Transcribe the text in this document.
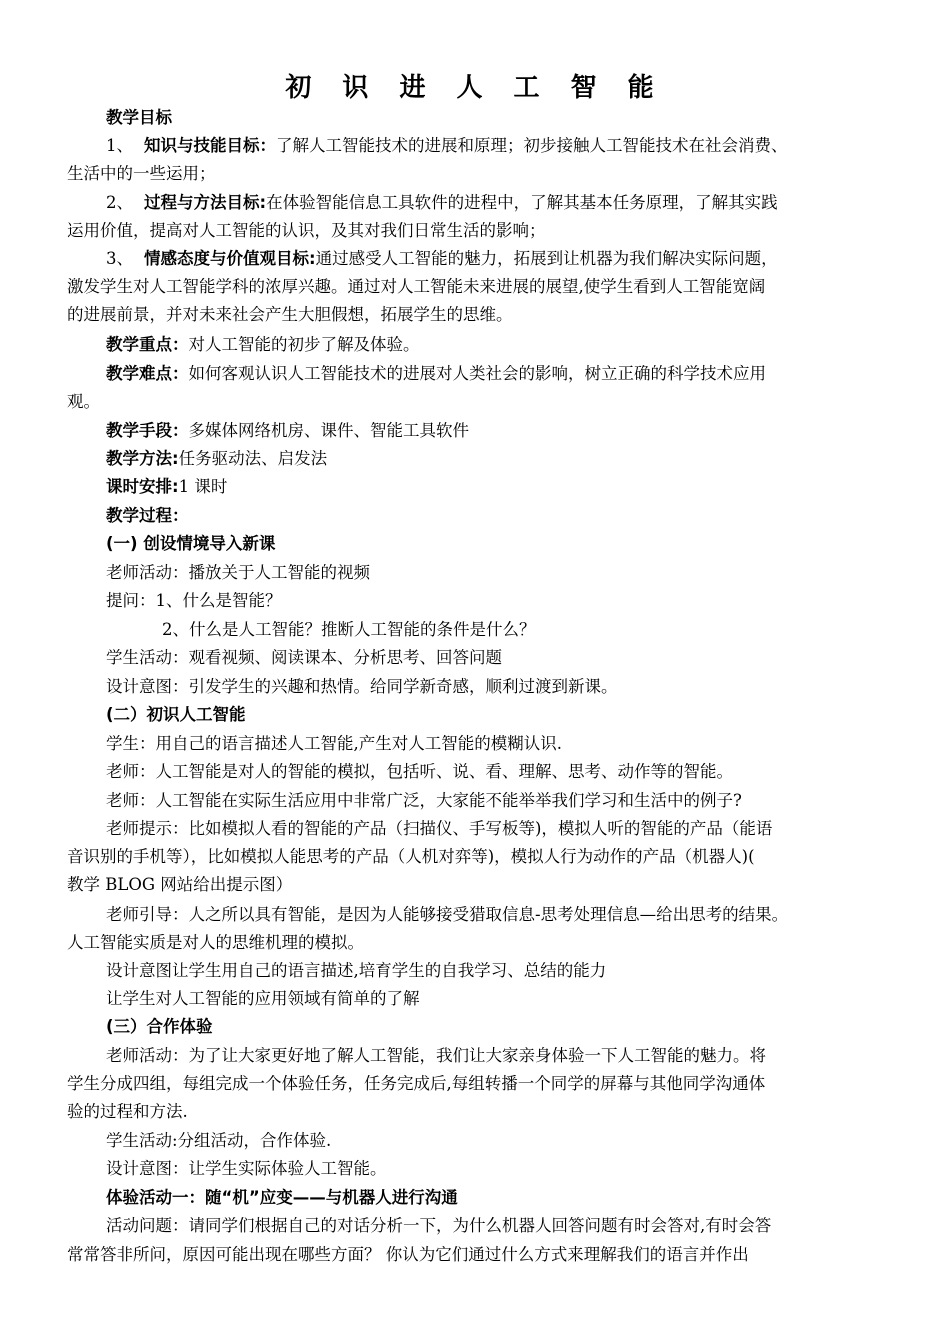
初 识 进 人 工 智 能
教学目标
1、 知识与技能目标：了解人工智能技术的进展和原理；初步接触人工智能技术在社会消费、
生活中的一些运用；
2、 过程与方法目标:在体验智能信息工具软件的进程中，了解其基本任务原理，了解其实践
运用价值，提高对人工智能的认识，及其对我们日常生活的影响；
3、 情感态度与价值观目标:通过感受人工智能的魅力，拓展到让机器为我们解决实际问题，
激发学生对人工智能学科的浓厚兴趣。通过对人工智能未来进展的展望,使学生看到人工智能宽阔
的进展前景，并对未来社会产生大胆假想，拓展学生的思维。
教学重点：对人工智能的初步了解及体验。
教学难点：如何客观认识人工智能技术的进展对人类社会的影响，树立正确的科学技术应用
观。
教学手段：多媒体网络机房、课件、智能工具软件
教学方法:任务驱动法、启发法
课时安排:1 课时
教学过程：
(一) 创设情境导入新课
老师活动：播放关于人工智能的视频
提问：1、什么是智能？
2、什么是人工智能？推断人工智能的条件是什么？
学生活动：观看视频、阅读课本、分析思考、回答问题
设计意图：引发学生的兴趣和热情。给同学新奇感，顺利过渡到新课。
(二）初识人工智能
学生：用自己的语言描述人工智能,产生对人工智能的模糊认识.
老师：人工智能是对人的智能的模拟，包括听、说、看、理解、思考、动作等的智能。
老师：人工智能在实际生活应用中非常广泛，大家能不能举举我们学习和生活中的例子?
老师提示：比如模拟人看的智能的产品（扫描仪、手写板等)，模拟人听的智能的产品（能语
音识别的手机等），比如模拟人能思考的产品（人机对弈等)，模拟人行为动作的产品（机器人)(
教学 BLOG 网站给出提示图）
老师引导：人之所以具有智能，是因为人能够接受猎取信息-思考处理信息—给出思考的结果。
人工智能实质是对人的思维机理的模拟。
设计意图让学生用自己的语言描述,培育学生的自我学习、总结的能力
让学生对人工智能的应用领域有简单的了解
(三）合作体验
老师活动：为了让大家更好地了解人工智能，我们让大家亲身体验一下人工智能的魅力。将
学生分成四组，每组完成一个体验任务，任务完成后,每组转播一个同学的屏幕与其他同学沟通体
验的过程和方法.
学生活动:分组活动，合作体验.
设计意图：让学生实际体验人工智能。
体验活动一：随“机”应变——与机器人进行沟通
活动问题：请同学们根据自己的对话分析一下，为什么机器人回答问题有时会答对,有时会答
常常答非所问，原因可能出现在哪些方面？ 你认为它们通过什么方式来理解我们的语言并作出
